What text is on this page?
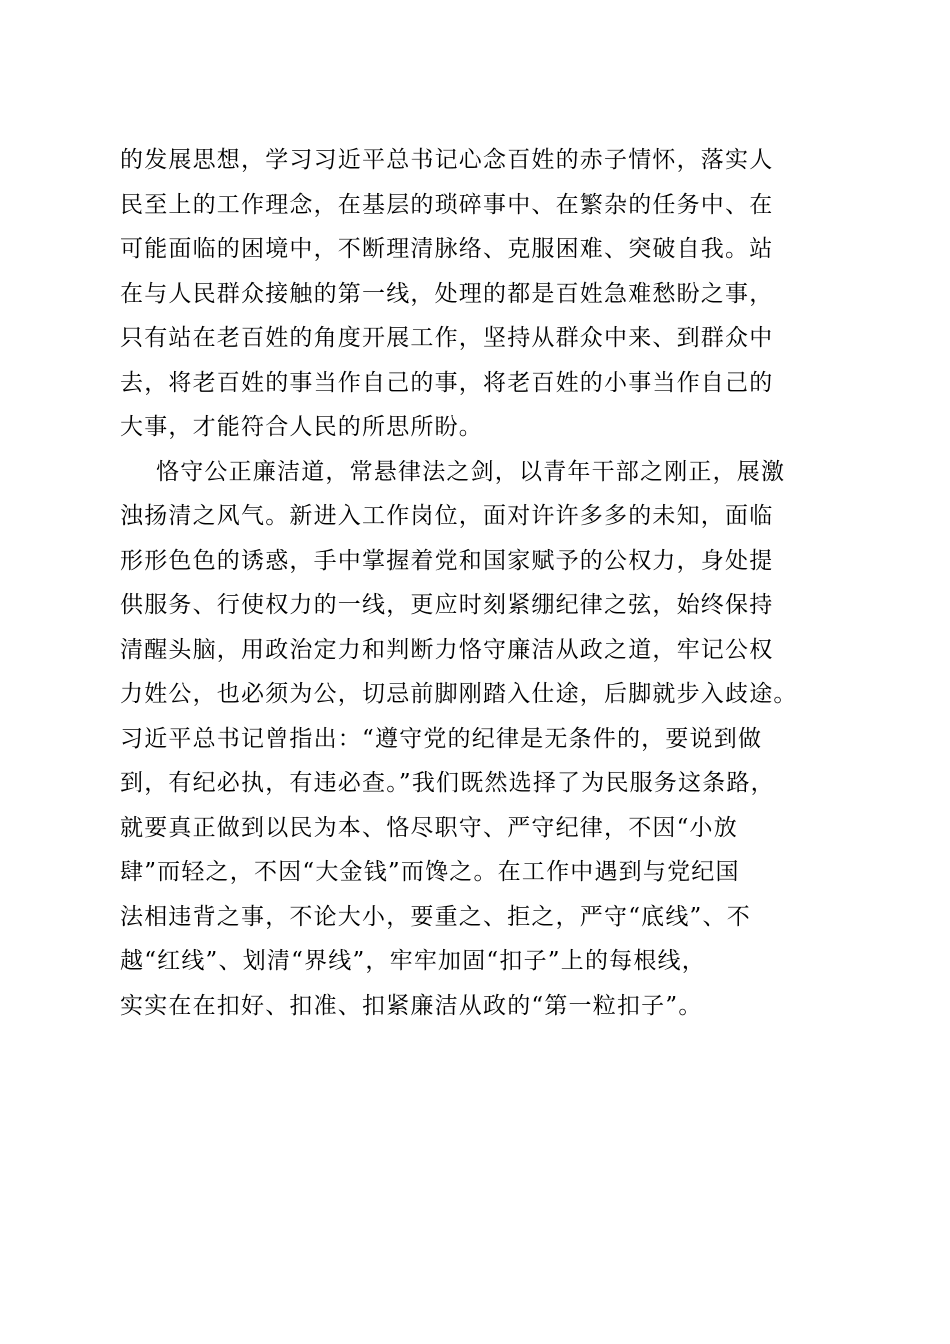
的发展思想，学习习近平总书记心念百姓的赤子情怀，落实人
民至上的工作理念，在基层的琐碎事中、在繁杂的任务中、在
可能面临的困境中，不断理清脉络、克服困难、突破自我。站
在与人民群众接触的第一线，处理的都是百姓急难愁盼之事，
只有站在老百姓的角度开展工作，坚持从群众中来、到群众中
去，将老百姓的事当作自己的事，将老百姓的小事当作自己的
大事，才能符合人民的所思所盼。
恪守公正廉洁道，常悬律法之剑，以青年干部之刚正，展激
浊扬清之风气。新进入工作岗位，面对许许多多的未知，面临
形形色色的诱惑，手中掌握着党和国家赋予的公权力，身处提
供服务、行使权力的一线，更应时刻紧绷纪律之弦，始终保持
清醒头脑，用政治定力和判断力恪守廉洁从政之道，牢记公权
力姓公，也必须为公，切忌前脚刚踏入仕途，后脚就步入歧途。
习近平总书记曾指出：“遵守党的纪律是无条件的，要说到做
到，有纪必执，有违必查。”我们既然选择了为民服务这条路，
就要真正做到以民为本、恪尽职守、严守纪律，不因“小放
肆”而轻之，不因“大金钱”而馋之。在工作中遇到与党纪国
法相违背之事，不论大小，要重之、拒之，严守“底线”、不
越“红线”、划清“界线”，牢牢加固“扣子”上的每根线，
实实在在扣好、扣准、扣紧廉洁从政的“第一粒扣子”。
